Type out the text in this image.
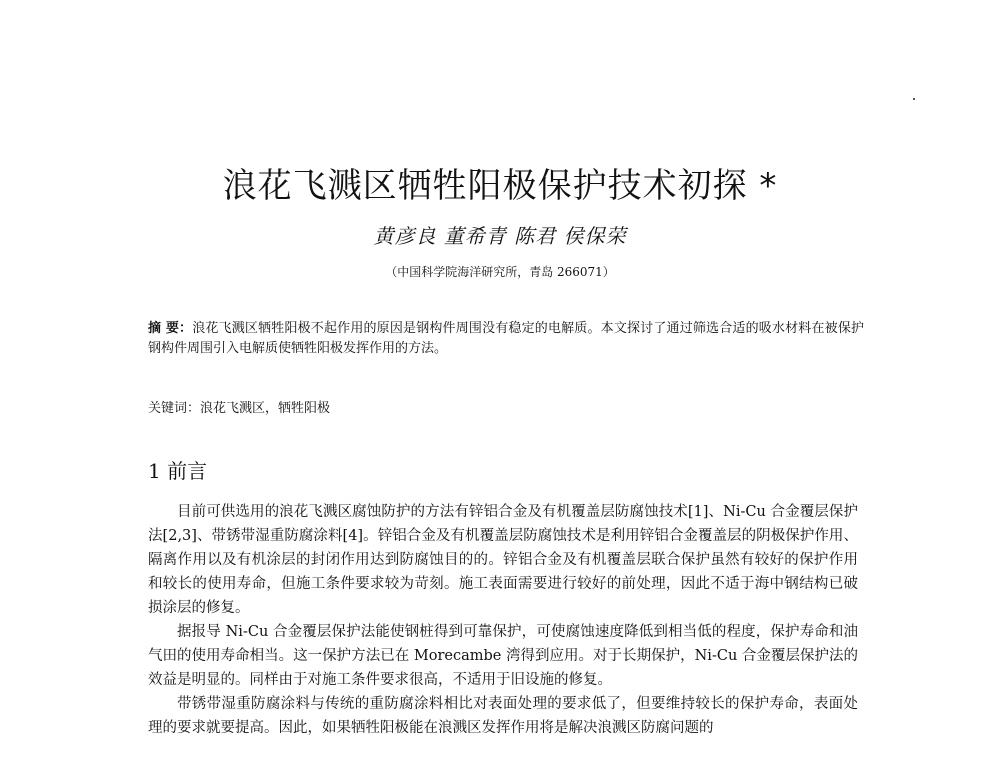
浪花飞溅区牺牲阳极保护技术初探 *
黄彦良 董希青 陈君 侯保荣
（中国科学院海洋研究所，青岛 266071）
摘 要：浪花飞溅区牺牲阳极不起作用的原因是钢构件周围没有稳定的电解质。本文探讨了通过筛选合适的吸水材料在被保护钢构件周围引入电解质使牺牲阳极发挥作用的方法。
关键词：浪花飞溅区，牺牲阳极
1 前言

目前可供选用的浪花飞溅区腐蚀防护的方法有锌铝合金及有机覆盖层防腐蚀技术[1]、Ni-Cu 合金覆层保护法[2,3]、带锈带湿重防腐涂料[4]。锌铝合金及有机覆盖层防腐蚀技术是利用锌铝合金覆盖层的阴极保护作用、隔离作用以及有机涂层的封闭作用达到防腐蚀目的的。锌铝合金及有机覆盖层联合保护虽然有较好的保护作用和较长的使用寿命，但施工条件要求较为苛刻。施工表面需要进行较好的前处理，因此不适于海中钢结构已破损涂层的修复。

据报导 Ni-Cu 合金覆层保护法能使钢桩得到可靠保护，可使腐蚀速度降低到相当低的程度，保护寿命和油气田的使用寿命相当。这一保护方法已在 Morecambe 湾得到应用。对于长期保护，Ni-Cu 合金覆层保护法的效益是明显的。同样由于对施工条件要求很高，不适用于旧设施的修复。

带锈带湿重防腐涂料与传统的重防腐涂料相比对表面处理的要求低了，但要维持较长的保护寿命，表面处理的要求就要提高。因此，如果牺牲阳极能在浪溅区发挥作用将是解决浪溅区防腐问题的
